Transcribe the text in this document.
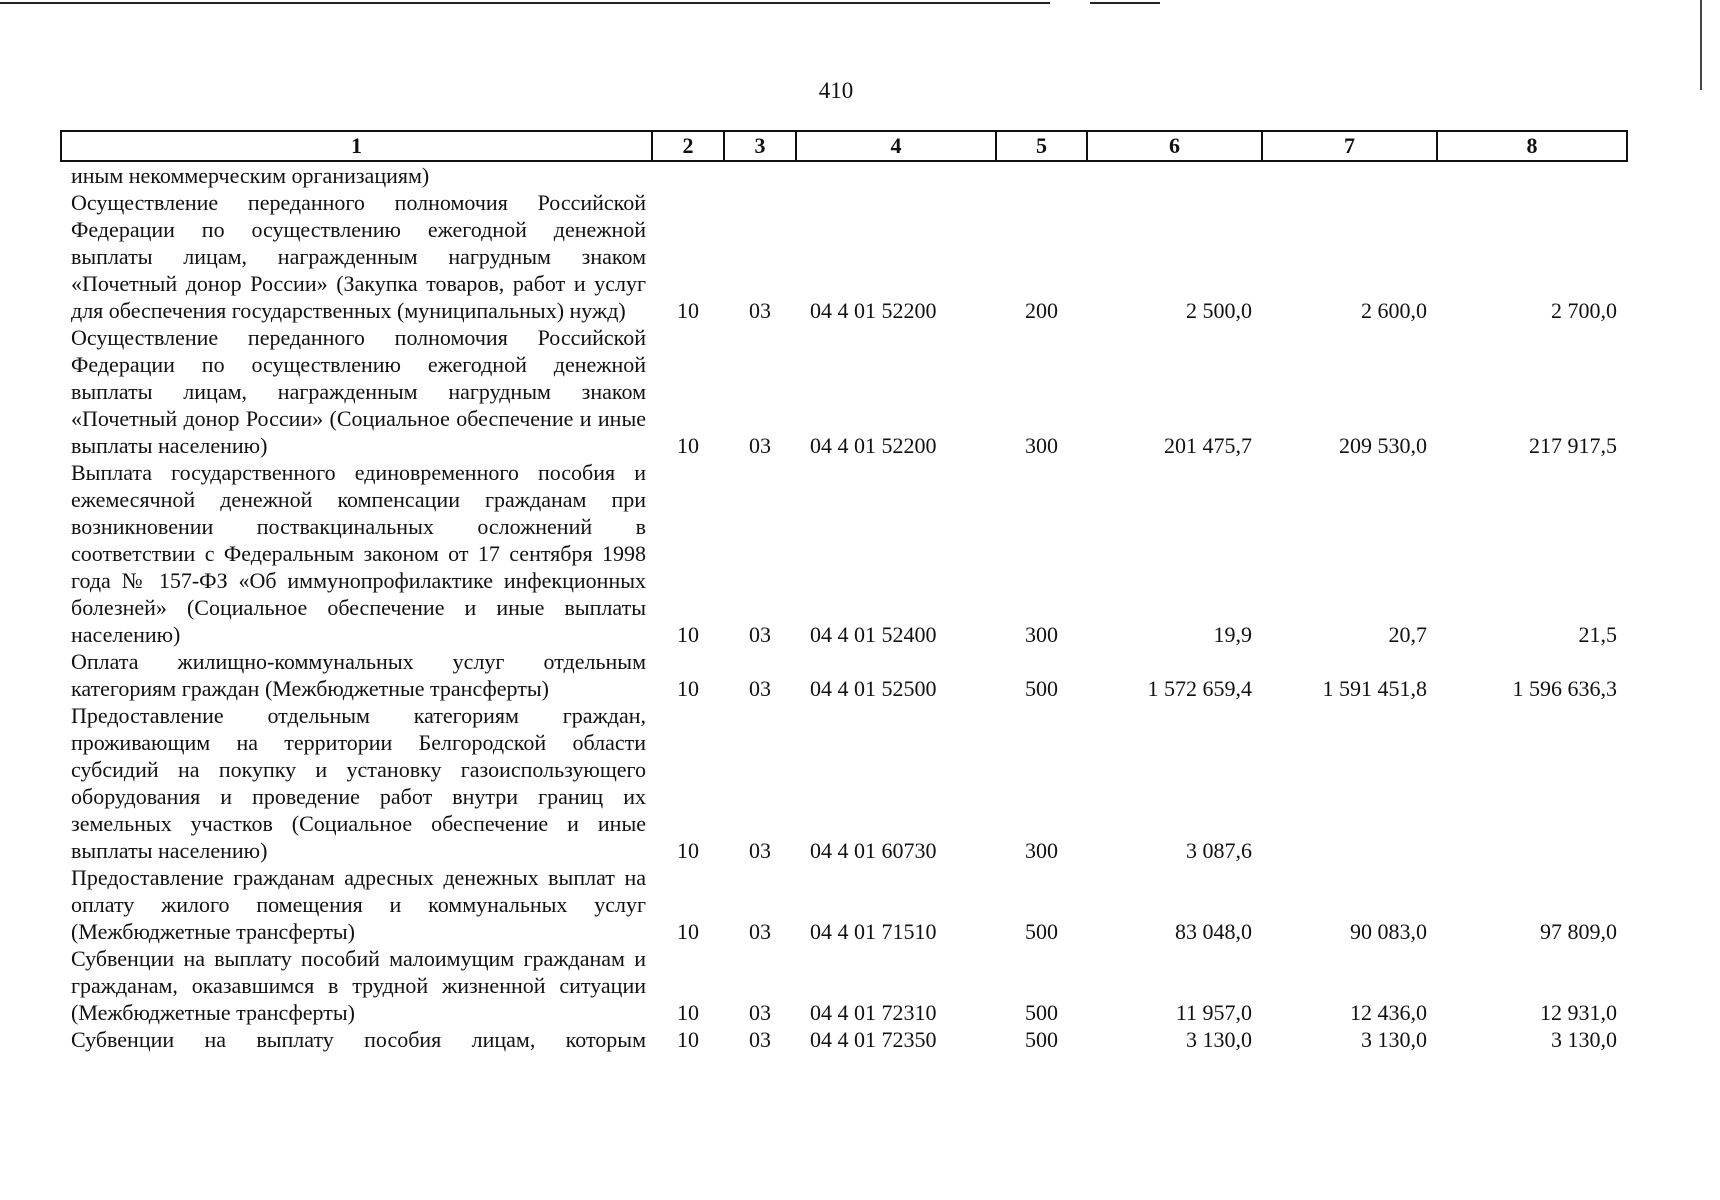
410
1	2	3	4	5	6	7	8
иным некоммерческим организациям)							
Осуществление переданного полномочия Российской Федерации по осуществлению ежегодной денежной выплаты лицам, награжденным нагрудным знаком «Почетный донор России» (Закупка товаров, работ и услуг для обеспечения государственных (муниципальных) нужд)	10	03	04 4 01 52200	200	2 500,0	2 600,0	2 700,0
Осуществление переданного полномочия Российской Федерации по осуществлению ежегодной денежной выплаты лицам, награжденным нагрудным знаком «Почетный донор России» (Социальное обеспечение и иные выплаты населению)	10	03	04 4 01 52200	300	201 475,7	209 530,0	217 917,5
Выплата государственного единовременного пособия и ежемесячной денежной компенсации гражданам при возникновении поствакцинальных осложнений в соответствии с Федеральным законом от 17 сентября 1998 года № 157-ФЗ «Об иммунопрофилактике инфекционных болезней» (Социальное обеспечение и иные выплаты населению)	10	03	04 4 01 52400	300	19,9	20,7	21,5
Оплата жилищно-коммунальных услуг отдельным категориям граждан (Межбюджетные трансферты)	10	03	04 4 01 52500	500	1 572 659,4	1 591 451,8	1 596 636,3
Предоставление отдельным категориям граждан, проживающим на территории Белгородской области субсидий на покупку и установку газоиспользующего оборудования и проведение работ внутри границ их земельных участков (Социальное обеспечение и иные выплаты населению)	10	03	04 4 01 60730	300	3 087,6		
Предоставление гражданам адресных денежных выплат на оплату жилого помещения и коммунальных услуг (Межбюджетные трансферты)	10	03	04 4 01 71510	500	83 048,0	90 083,0	97 809,0
Субвенции на выплату пособий малоимущим гражданам и гражданам, оказавшимся в трудной жизненной ситуации (Межбюджетные трансферты)	10	03	04 4 01 72310	500	11 957,0	12 436,0	12 931,0
Субвенции на выплату пособия лицам, которым	10	03	04 4 01 72350	500	3 130,0	3 130,0	3 130,0
